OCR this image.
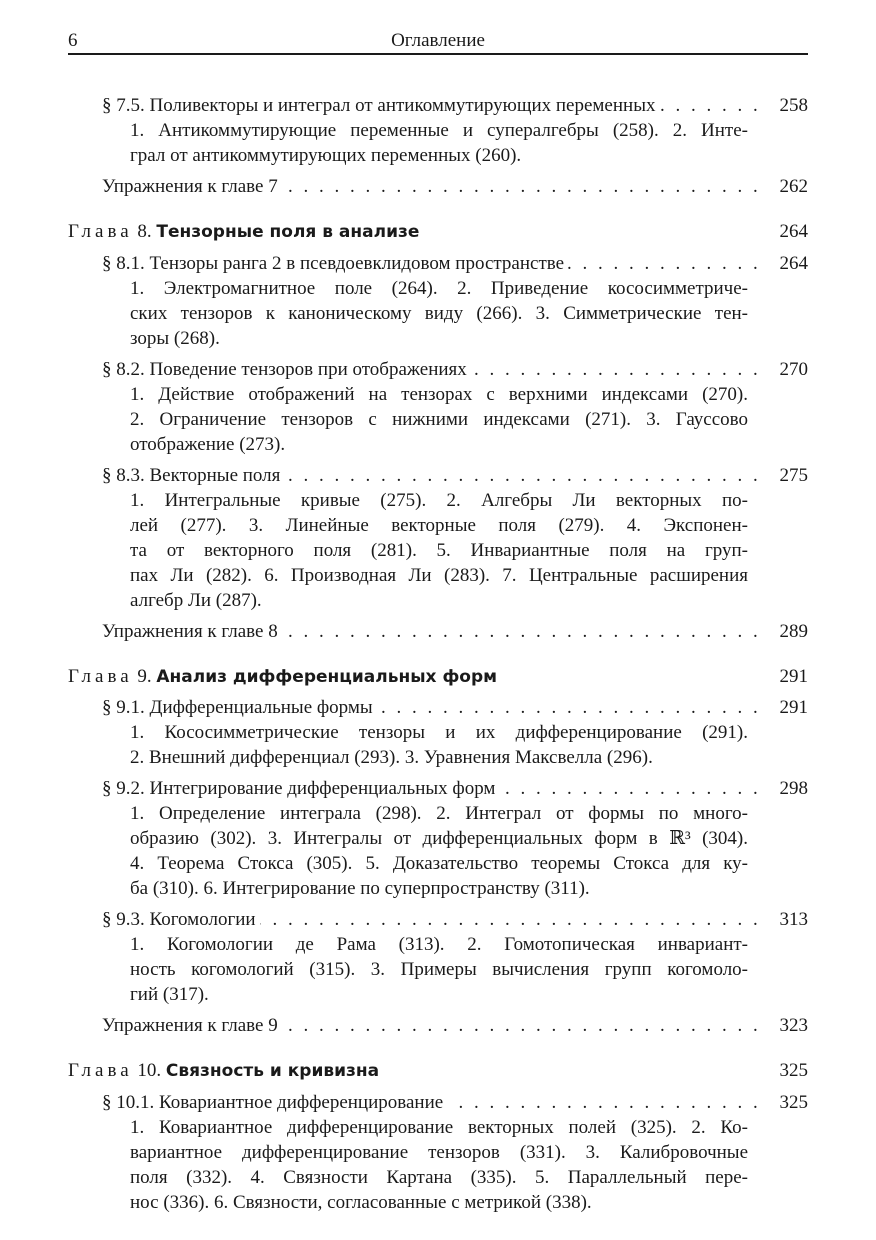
6	Оглавление
. . .
§ 7.5. Поливекторы и интеграл от антикоммутирующих переменных	258
1. Антикоммутирующие переменные и супералгебры (258). 2. Инте-
грал от антикоммутирующих переменных (260).
. . .
Упражнения к главе 7	262
Глава 8. Тензорные поля в анализе	264
. . .
§ 8.1. Тензоры ранга 2 в псевдоевклидовом пространстве	264
1. Электромагнитное поле (264). 2. Приведение кососимметриче-
ских тензоров к каноническому виду (266). 3. Симметрические тен-
зоры (268).
. . .
§ 8.2. Поведение тензоров при отображениях	270
1. Действие отображений на тензорах с верхними индексами (270).
2. Ограничение тензоров с нижними индексами (271). 3. Гауссово
отображение (273).
. . .
§ 8.3. Векторные поля	275
1. Интегральные кривые (275). 2. Алгебры Ли векторных по-
лей (277). 3. Линейные векторные поля (279). 4. Экспонен-
та от векторного поля (281). 5. Инвариантные поля на груп-
пах Ли (282). 6. Производная Ли (283). 7. Центральные расширения
алгебр Ли (287).
. . .
Упражнения к главе 8	289
Глава 9. Анализ дифференциальных форм	291
. . .
§ 9.1. Дифференциальные формы	291
1. Кососимметрические тензоры и их дифференцирование (291).
2. Внешний дифференциал (293). 3. Уравнения Максвелла (296).
. . .
§ 9.2. Интегрирование дифференциальных форм	298
1. Определение интеграла (298). 2. Интеграл от формы по много-
образию (302). 3. Интегралы от дифференциальных форм в ℝ³ (304).
4. Теорема Стокса (305). 5. Доказательство теоремы Стокса для ку-
ба (310). 6. Интегрирование по суперпространству (311).
. . .
§ 9.3. Когомологии	313
1. Когомологии де Рама (313). 2. Гомотопическая инвариант-
ность когомологий (315). 3. Примеры вычисления групп когомоло-
гий (317).
. . .
Упражнения к главе 9	323
Глава 10. Связность и кривизна	325
. . .
§ 10.1. Ковариантное дифференцирование	325
1. Ковариантное дифференцирование векторных полей (325). 2. Ко-
вариантное дифференцирование тензоров (331). 3. Калибровочные
поля (332). 4. Связности Картана (335). 5. Параллельный пере-
нос (336). 6. Связности, согласованные с метрикой (338).
